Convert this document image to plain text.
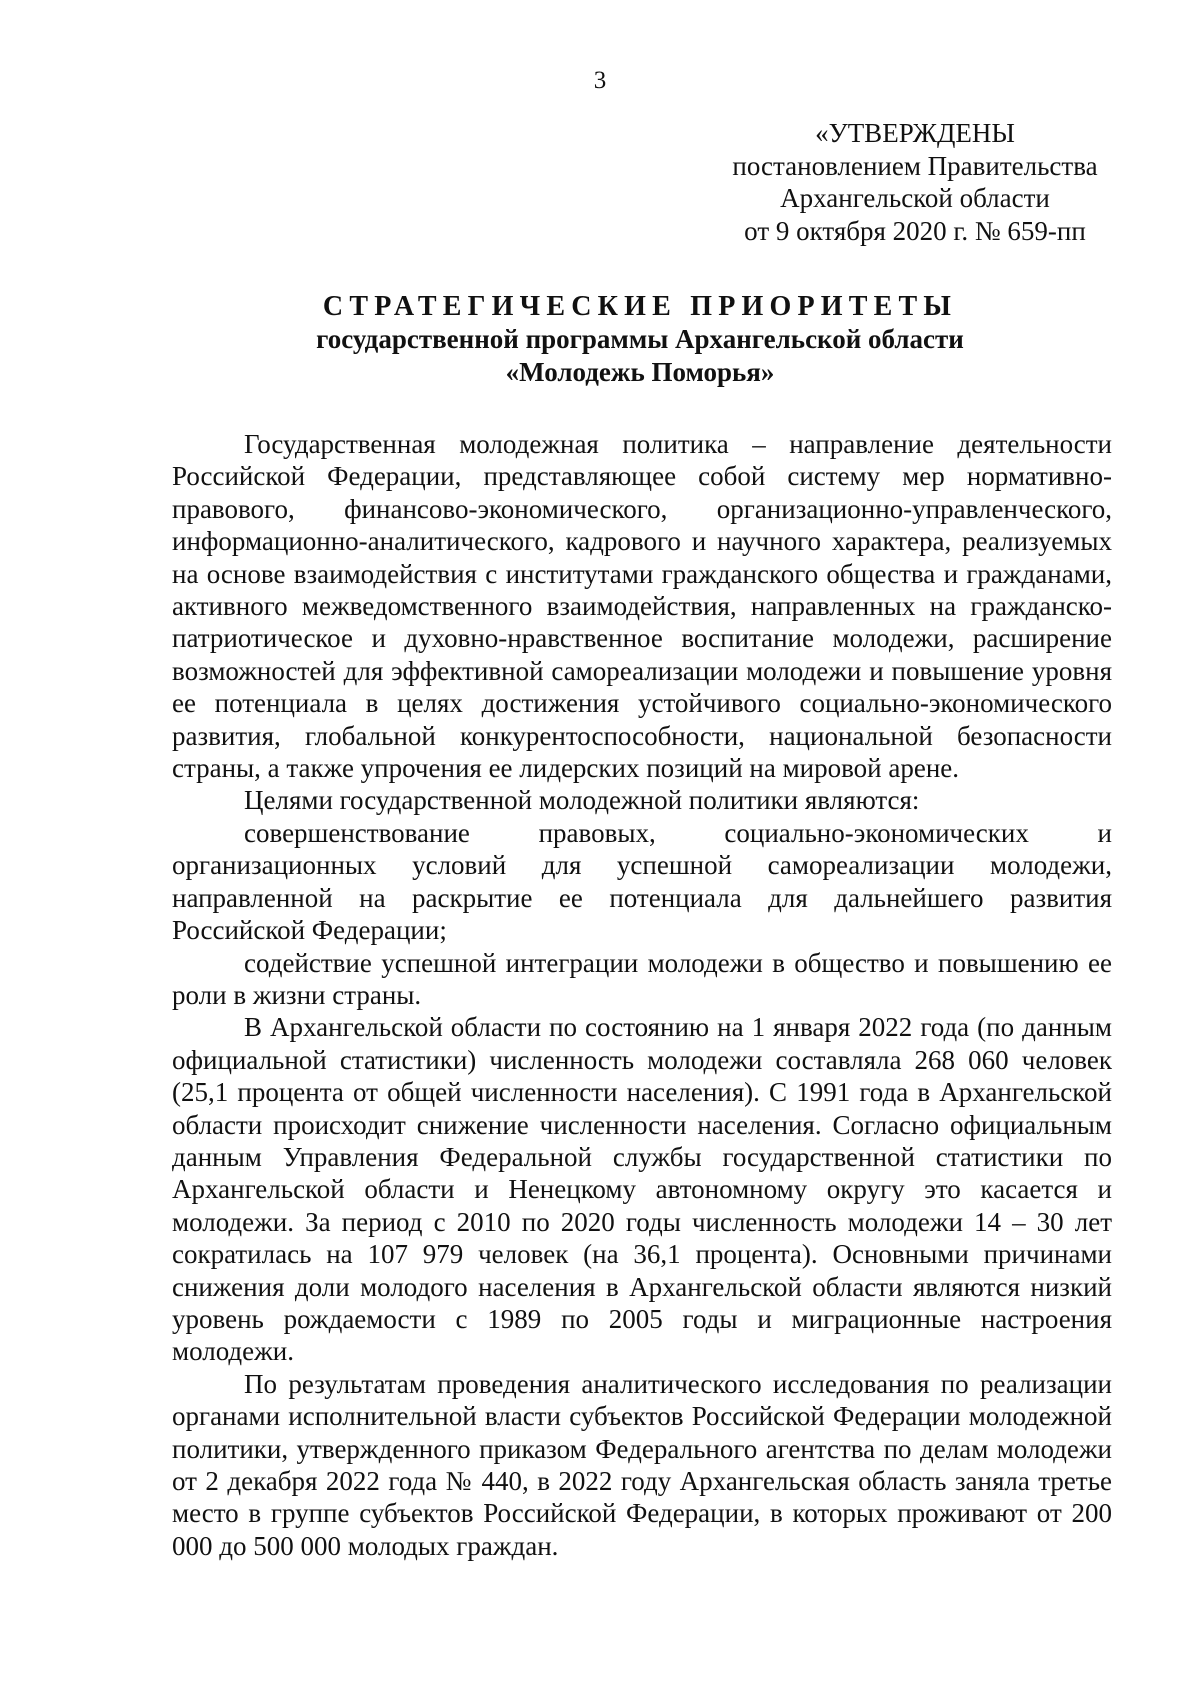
3
«УТВЕРЖДЕНЫ
постановлением Правительства
Архангельской области
от 9 октября 2020 г. № 659-пп
СТРАТЕГИЧЕСКИЕ ПРИОРИТЕТЫ
государственной программы Архангельской области
«Молодежь Поморья»

Государственная молодежная политика – направление деятельности Российской Федерации, представляющее собой систему мер нормативно-правового, финансово-экономического, организационно-управленческого, информационно-аналитического, кадрового и научного характера, реализуемых на основе взаимодействия с институтами гражданского общества и гражданами, активного межведомственного взаимодействия, направленных на гражданско-патриотическое и духовно-нравственное воспитание молодежи, расширение возможностей для эффективной самореализации молодежи и повышение уровня ее потенциала в целях достижения устойчивого социально-экономического развития, глобальной конкурентоспособности, национальной безопасности страны, а также упрочения ее лидерских позиций на мировой арене.

Целями государственной молодежной политики являются:

совершенствование правовых, социально-экономических и организационных условий для успешной самореализации молодежи, направленной на раскрытие ее потенциала для дальнейшего развития Российской Федерации;

содействие успешной интеграции молодежи в общество и повышению ее роли в жизни страны.

В Архангельской области по состоянию на 1 января 2022 года (по данным официальной статистики) численность молодежи составляла 268 060 человек (25,1 процента от общей численности населения). С 1991 года в Архангельской области происходит снижение численности населения. Согласно официальным данным Управления Федеральной службы государственной статистики по Архангельской области и Ненецкому автономному округу это касается и молодежи. За период с 2010 по 2020 годы численность молодежи 14 – 30 лет сократилась на 107 979 человек (на 36,1 процента). Основными причинами снижения доли молодого населения в Архангельской области являются низкий уровень рождаемости с 1989 по 2005 годы и миграционные настроения молодежи.

По результатам проведения аналитического исследования по реализации органами исполнительной власти субъектов Российской Федерации молодежной политики, утвержденного приказом Федерального агентства по делам молодежи от 2 декабря 2022 года № 440, в 2022 году Архангельская область заняла третье место в группе субъектов Российской Федерации, в которых проживают от 200 000 до 500 000 молодых граждан.
